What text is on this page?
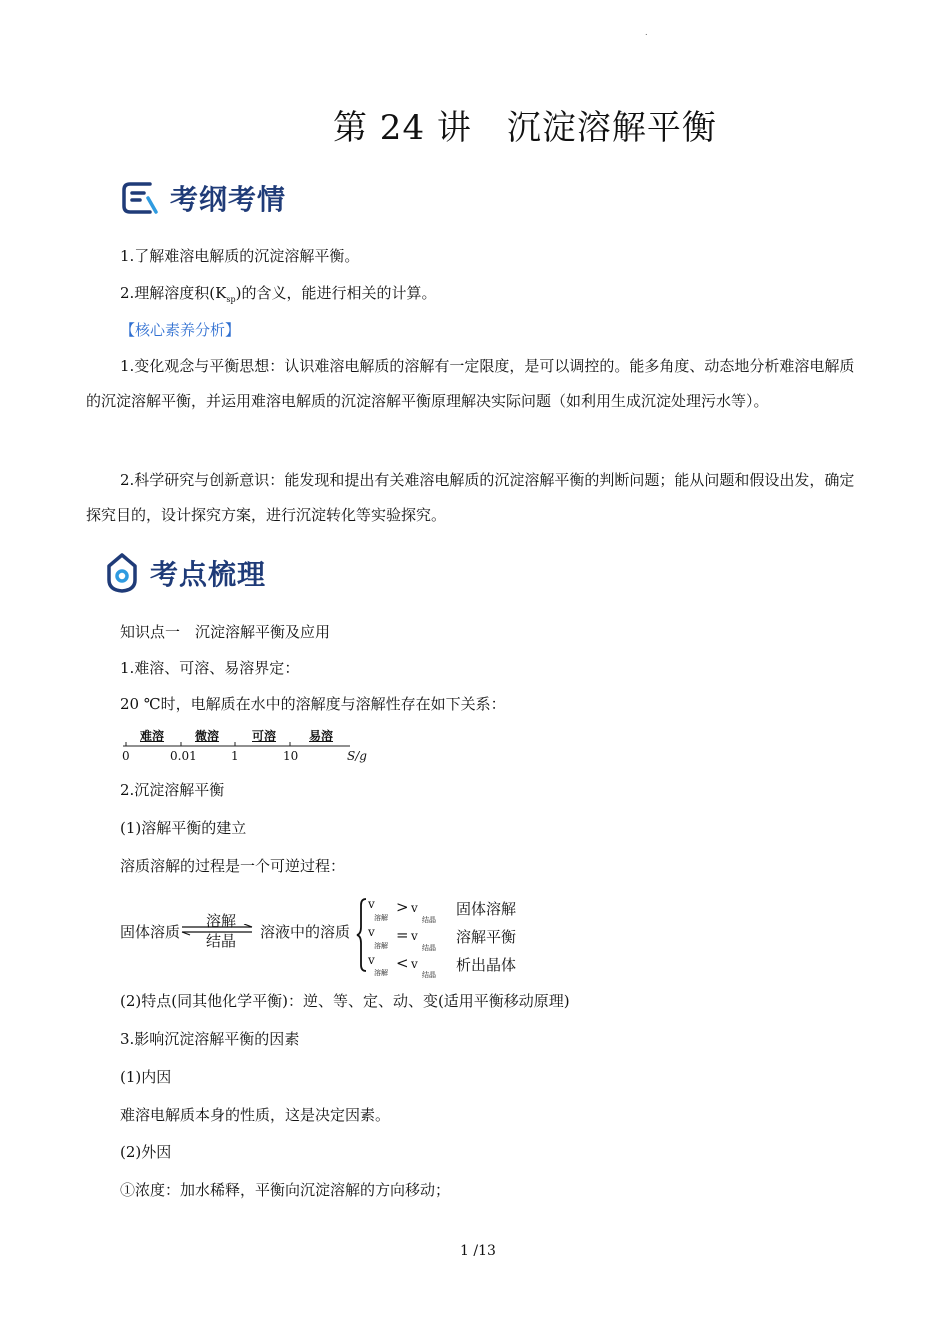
.
第 24 讲　沉淀溶解平衡
考纲考情
1.了解难溶电解质的沉淀溶解平衡。
2.理解溶度积$(K_{sp})$的含义，能进行相关的计算。
【核心素养分析】
1.变化观念与平衡思想：认识难溶电解质的溶解有一定限度，是可以调控的。能多角度、动态地分析难溶电解质的沉淀溶解平衡，并运用难溶电解质的沉淀溶解平衡原理解决实际问题（如利用生成沉淀处理污水等）。
2.科学研究与创新意识：能发现和提出有关难溶电解质的沉淀溶解平衡的判断问题；能从问题和假设出发，确定探究目的，设计探究方案，进行沉淀转化等实验探究。
考点梳理
知识点一　沉淀溶解平衡及应用
1.难溶、可溶、易溶界定：
20 ℃时，电解质在水中的溶解度与溶解性存在如下关系：
难溶	微溶	可溶	易溶
0	0.01	1	10	S/g
2.沉淀溶解平衡
(1)溶解平衡的建立
溶质溶解的过程是一个可逆过程：
固体溶质
溶解
结晶 溶液中的溶质
v
溶解
> v
结晶
固体溶解
v
溶解
= v
结晶
溶解平衡
v
溶解
< v
结晶
析出晶体
(2)特点(同其他化学平衡)：逆、等、定、动、变(适用平衡移动原理)
3.影响沉淀溶解平衡的因素
(1)内因
难溶电解质本身的性质，这是决定因素。
(2)外因
①浓度：加水稀释，平衡向沉淀溶解的方向移动；
1 /13
